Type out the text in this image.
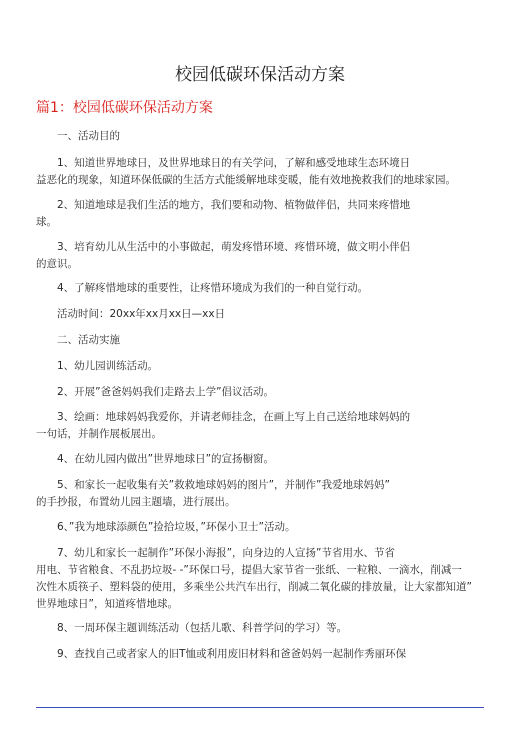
校园低碳环保活动方案
篇1：校园低碳环保活动方案
一、活动目的
1、知道世界地球日，及世界地球日的有关学问，了解和感受地球生态环境日
益恶化的现象，知道环保低碳的生活方式能缓解地球变暖，能有效地挽救我们的地球家园。
2、知道地球是我们生活的地方，我们要和动物、植物做伴侣，共同来疼惜地
球。
3、培育幼儿从生活中的小事做起，萌发疼惜环境、疼惜环境，做文明小伴侣
的意识。
4、了解疼惜地球的重要性，让疼惜环境成为我们的一种自觉行动。
活动时间：20xx年xx月xx日—xx日
二、活动实施
1、幼儿园训练活动。
2、开展”爸爸妈妈我们走路去上学”倡议活动。
3、绘画：地球妈妈我爱你，并请老师挂念，在画上写上自己送给地球妈妈的
一句话，并制作展板展出。
4、在幼儿园内做出”世界地球日”的宣扬橱窗。
5、和家长一起收集有关”救救地球妈妈的图片”，并制作”我爱地球妈妈”
的手抄报，布置幼儿园主题墙，进行展出。
6、”我为地球添颜色”捡拾垃圾，”环保小卫士”活动。
7、幼儿和家长一起制作”环保小海报”，向身边的人宣扬”节省用水、节省
用电、节省粮食、不乱扔垃圾- -”环保口号，提倡大家节省一张纸、一粒粮、一滴水，削减一
次性木质筷子、塑料袋的使用，多乘坐公共汽车出行，削减二氧化碳的排放量，让大家都知道”
世界地球日”，知道疼惜地球。
8、一周环保主题训练活动（包括儿歌、科普学问的学习）等。
9、查找自己或者家人的旧T恤或利用废旧材料和爸爸妈妈一起制作秀丽环保
